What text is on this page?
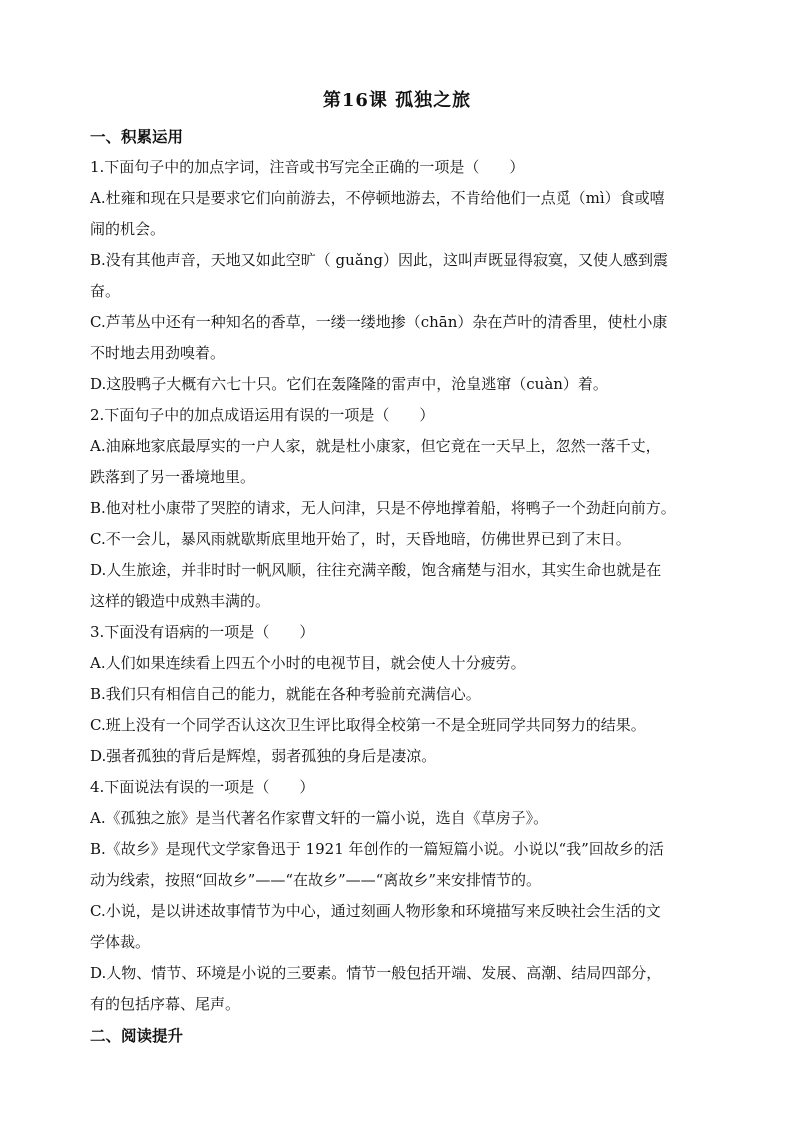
第16课 孤独之旅
一、积累运用
1.下面句子中的加点字词，注音或书写完全正确的一项是（　　）
A.杜雍和现在只是要求它们向前游去，不停顿地游去，不肯给他们一点觅（mì）食或嘻
闹的机会。
B.没有其他声音，天地又如此空旷（ guǎng）因此，这叫声既显得寂寞，又使人感到震
奋。
C.芦苇丛中还有一种知名的香草，一缕一缕地掺（chān）杂在芦叶的清香里，使杜小康
不时地去用劲嗅着。
D.这股鸭子大概有六七十只。它们在轰隆隆的雷声中，沧皇逃窜（cuàn）着。
2.下面句子中的加点成语运用有误的一项是（　　）
A.油麻地家底最厚实的一户人家，就是杜小康家，但它竟在一天早上，忽然一落千丈，
跌落到了另一番境地里。
B.他对杜小康带了哭腔的请求，无人问津，只是不停地撑着船，将鸭子一个劲赶向前方。
C.不一会儿，暴风雨就歇斯底里地开始了，时，天昏地暗，仿佛世界已到了末日。
D.人生旅途，并非时时一帆风顺，往往充满辛酸，饱含痛楚与泪水，其实生命也就是在
这样的锻造中成熟丰满的。
3.下面没有语病的一项是（　　）
A.人们如果连续看上四五个小时的电视节目，就会使人十分疲劳。
B.我们只有相信自己的能力，就能在各种考验前充满信心。
C.班上没有一个同学否认这次卫生评比取得全校第一不是全班同学共同努力的结果。
D.强者孤独的背后是辉煌，弱者孤独的身后是凄凉。
4.下面说法有误的一项是（　　）
A.《孤独之旅》是当代著名作家曹文轩的一篇小说，选自《草房子》。
B.《故乡》是现代文学家鲁迅于 1921 年创作的一篇短篇小说。小说以“我”回故乡的活
动为线索，按照“回故乡”——“在故乡”——“离故乡”来安排情节的。
C.小说，是以讲述故事情节为中心，通过刻画人物形象和环境描写来反映社会生活的文
学体裁。
D.人物、情节、环境是小说的三要素。情节一般包括开端、发展、高潮、结局四部分，
有的包括序幕、尾声。
二、阅读提升
